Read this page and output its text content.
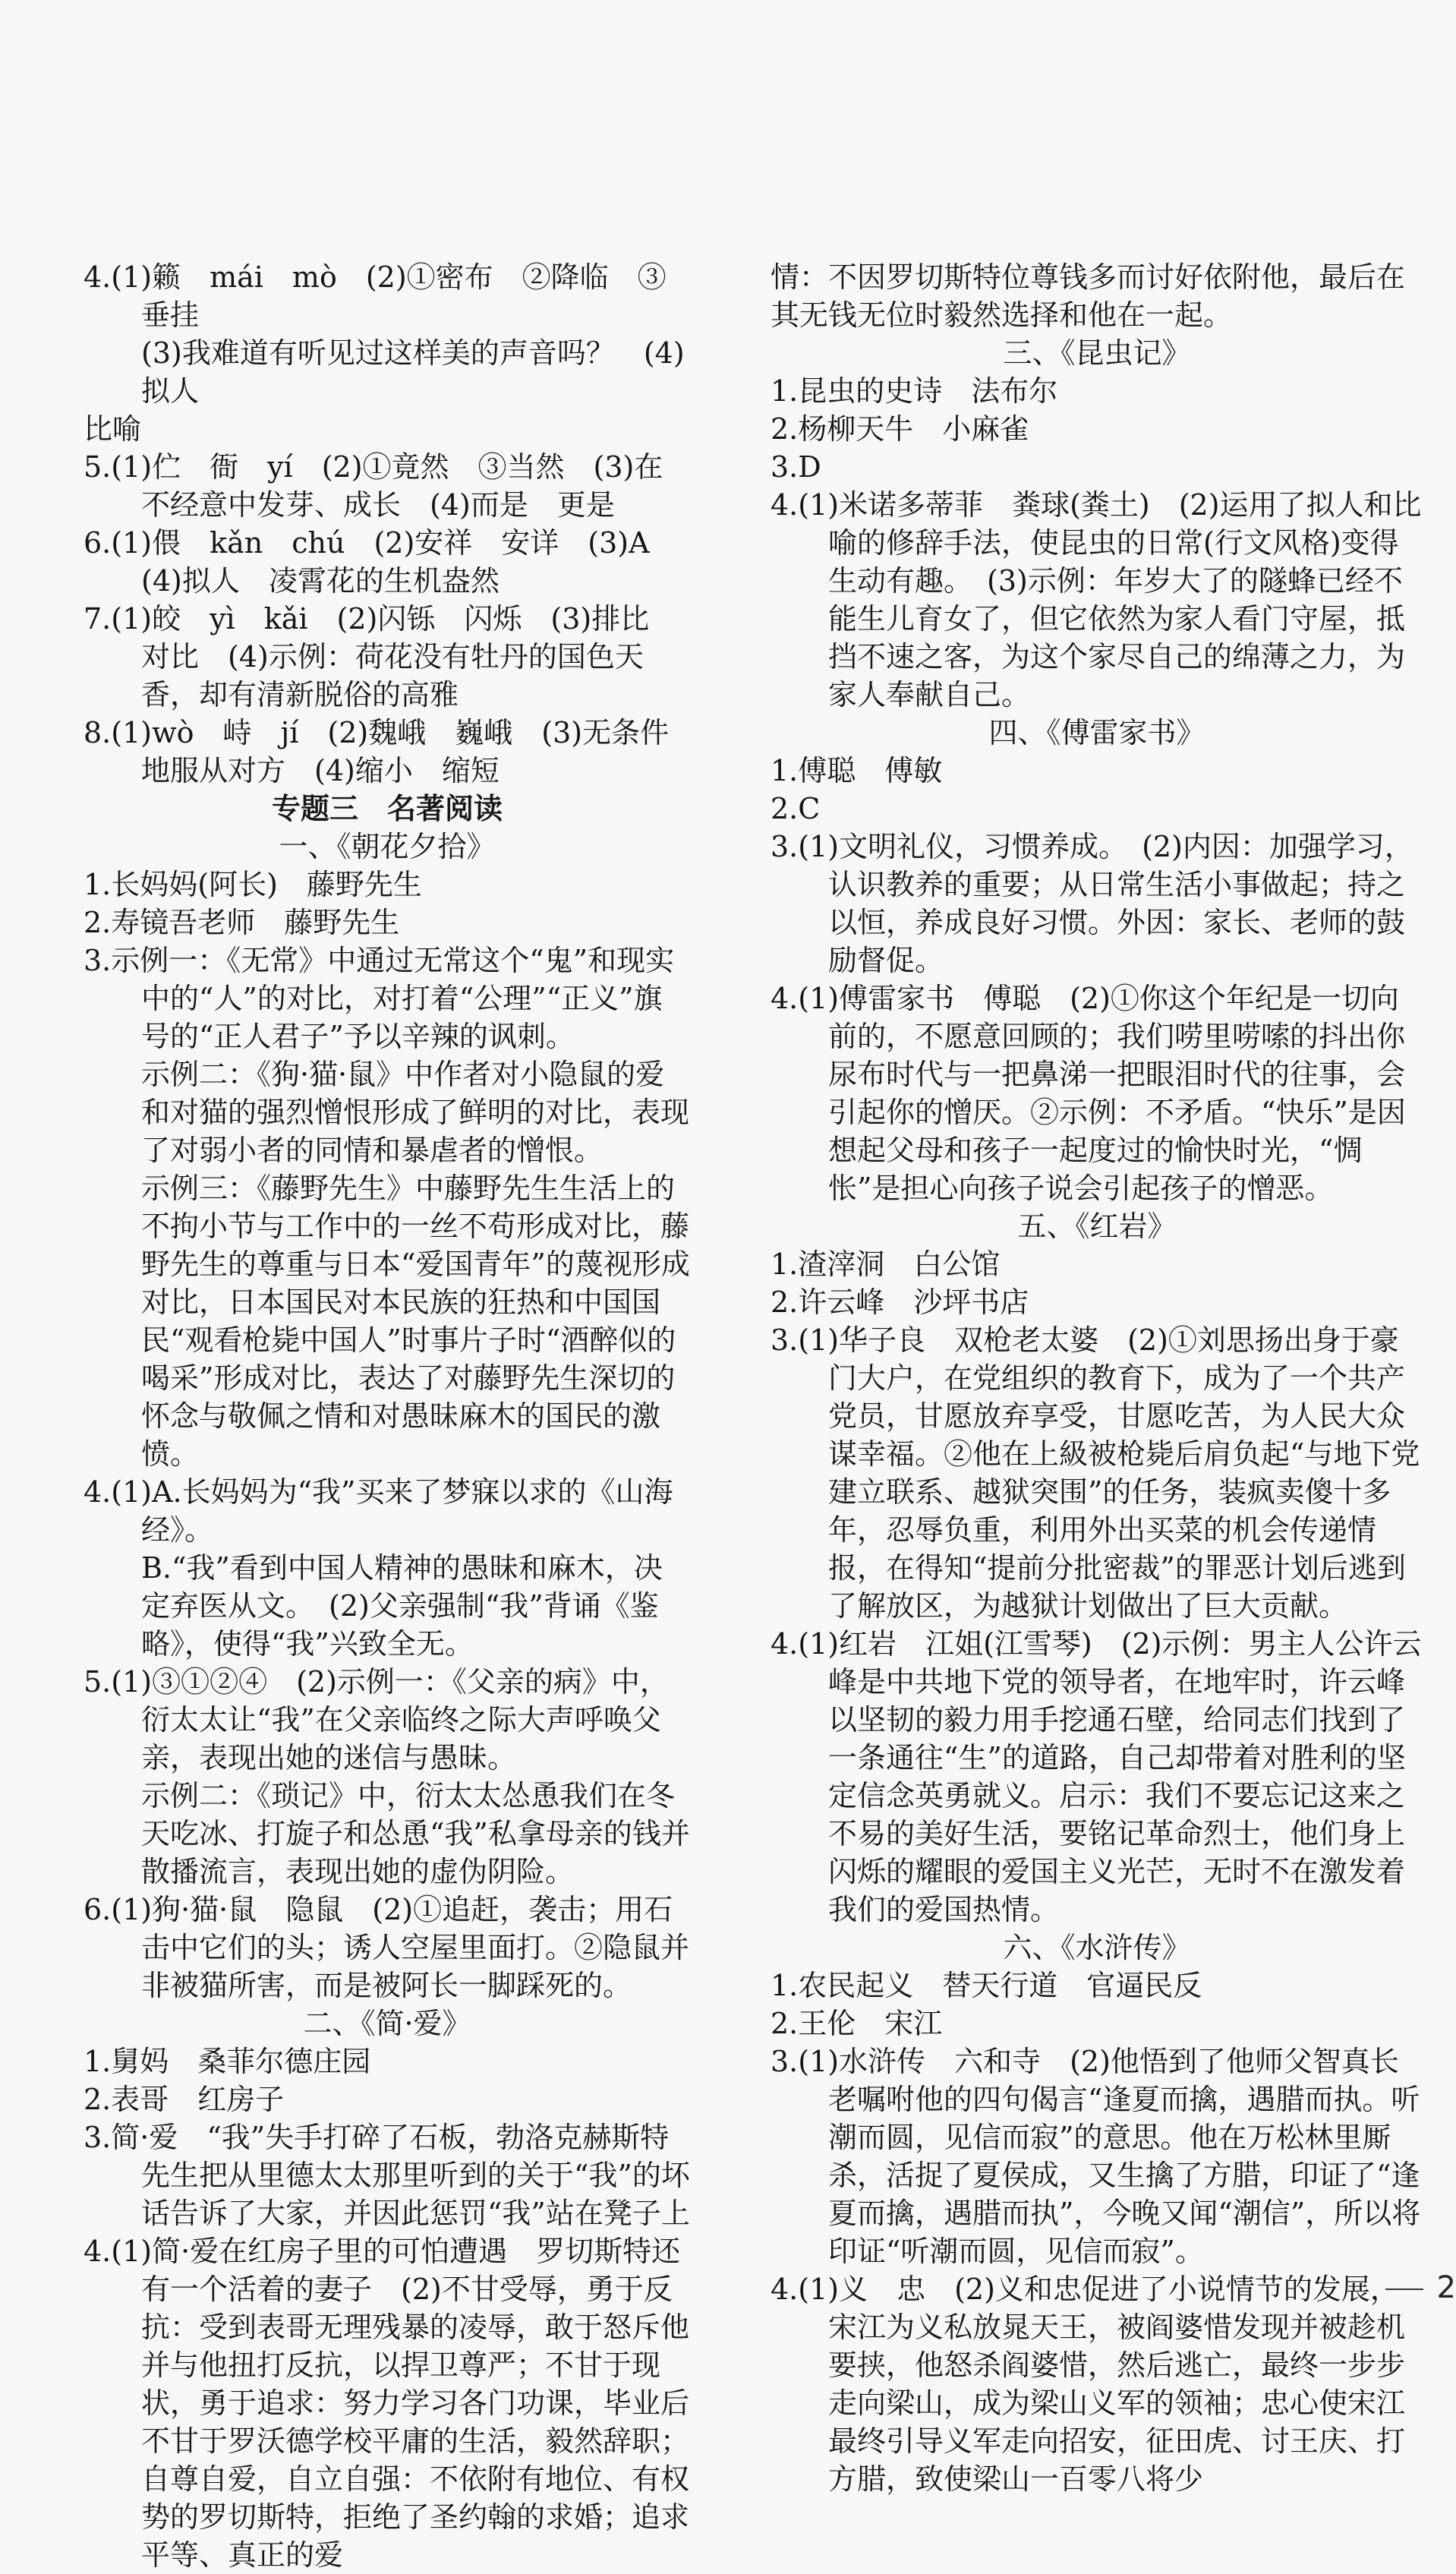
4.(1)籁　mái　mò　(2)①密布　②降临　③垂挂

(3)我难道有听见过这样美的声音吗？　(4)拟人

比喻

5.(1)伫　衙　yí　(2)①竟然　③当然　(3)在不经意中发芽、成长　(4)而是　更是

6.(1)偎　kǎn　chú　(2)安祥　安详　(3)A　(4)拟人　凌霄花的生机盎然

7.(1)皎　yì　kǎi　(2)闪铄　闪烁　(3)排比　对比　(4)示例：荷花没有牡丹的国色天香，却有清新脱俗的高雅

8.(1)wò　峙　jí　(2)魏峨　巍峨　(3)无条件地服从对方　(4)缩小　缩短

专题三　名著阅读

一、《朝花夕拾》

1.长妈妈(阿长)　藤野先生

2.寿镜吾老师　藤野先生

3.示例一：《无常》中通过无常这个“鬼”和现实中的“人”的对比，对打着“公理”“正义”旗号的“正人君子”予以辛辣的讽刺。

示例二：《狗·猫·鼠》中作者对小隐鼠的爱和对猫的强烈憎恨形成了鲜明的对比，表现了对弱小者的同情和暴虐者的憎恨。

示例三：《藤野先生》中藤野先生生活上的不拘小节与工作中的一丝不苟形成对比，藤野先生的尊重与日本“爱国青年”的蔑视形成对比，日本国民对本民族的狂热和中国国民“观看枪毙中国人”时事片子时“酒醉似的喝采”形成对比，表达了对藤野先生深切的怀念与敬佩之情和对愚昧麻木的国民的激愤。

4.(1)A.长妈妈为“我”买来了梦寐以求的《山海经》。

B.“我”看到中国人精神的愚昧和麻木，决定弃医从文。　(2)父亲强制“我”背诵《鉴略》，使得“我”兴致全无。

5.(1)③①②④　(2)示例一：《父亲的病》中，衍太太让“我”在父亲临终之际大声呼唤父亲，表现出她的迷信与愚昧。

示例二：《琐记》中，衍太太怂恿我们在冬天吃冰、打旋子和怂恿“我”私拿母亲的钱并散播流言，表现出她的虚伪阴险。

6.(1)狗·猫·鼠　隐鼠　(2)①追赶，袭击；用石击中它们的头；诱人空屋里面打。②隐鼠并非被猫所害，而是被阿长一脚踩死的。

二、《简·爱》

1.舅妈　桑菲尔德庄园

2.表哥　红房子

3.简·爱　“我”失手打碎了石板，勃洛克赫斯特先生把从里德太太那里听到的关于“我”的坏话告诉了大家，并因此惩罚“我”站在凳子上

4.(1)简·爱在红房子里的可怕遭遇　罗切斯特还有一个活着的妻子　(2)不甘受辱，勇于反抗：受到表哥无理残暴的凌辱，敢于怒斥他并与他扭打反抗，以捍卫尊严；不甘于现状，勇于追求：努力学习各门功课，毕业后不甘于罗沃德学校平庸的生活，毅然辞职；自尊自爱，自立自强：不依附有地位、有权势的罗切斯特，拒绝了圣约翰的求婚；追求平等、真正的爱

情：不因罗切斯特位尊钱多而讨好依附他，最后在其无钱无位时毅然选择和他在一起。

三、《昆虫记》

1.昆虫的史诗　法布尔

2.杨柳天牛　小麻雀

3.D

4.(1)米诺多蒂菲　粪球(粪土)　(2)运用了拟人和比喻的修辞手法，使昆虫的日常(行文风格)变得生动有趣。　(3)示例：年岁大了的隧蜂已经不能生儿育女了，但它依然为家人看门守屋，抵挡不速之客，为这个家尽自己的绵薄之力，为家人奉献自己。

四、《傅雷家书》

1.傅聪　傅敏

2.C

3.(1)文明礼仪，习惯养成。　(2)内因：加强学习，认识教养的重要；从日常生活小事做起；持之以恒，养成良好习惯。外因：家长、老师的鼓励督促。

4.(1)傅雷家书　傅聪　(2)①你这个年纪是一切向前的，不愿意回顾的；我们唠里唠嗦的抖出你尿布时代与一把鼻涕一把眼泪时代的往事，会引起你的憎厌。②示例：不矛盾。“快乐”是因想起父母和孩子一起度过的愉快时光，“惆怅”是担心向孩子说会引起孩子的憎恶。

五、《红岩》

1.渣滓洞　白公馆

2.许云峰　沙坪书店

3.(1)华子良　双枪老太婆　(2)①刘思扬出身于豪门大户，在党组织的教育下，成为了一个共产党员，甘愿放弃享受，甘愿吃苦，为人民大众谋幸福。②他在上級被枪毙后肩负起“与地下党建立联系、越狱突围”的任务，装疯卖傻十多年，忍辱负重，利用外出买菜的机会传递情报，在得知“提前分批密裁”的罪恶计划后逃到了解放区，为越狱计划做出了巨大贡献。

4.(1)红岩　江姐(江雪琴)　(2)示例：男主人公许云峰是中共地下党的领导者，在地牢时，许云峰以坚韧的毅力用手挖通石壁，给同志们找到了一条通往“生”的道路，自己却带着对胜利的坚定信念英勇就义。启示：我们不要忘记这来之不易的美好生活，要铭记革命烈士，他们身上闪烁的耀眼的爱国主义光芒，无时不在激发着我们的爱国热情。

六、《水浒传》

1.农民起义　替天行道　官逼民反

2.王伦　宋江

3.(1)水浒传　六和寺　(2)他悟到了他师父智真长老嘱咐他的四句偈言“逢夏而擒，遇腊而执。听潮而圆，见信而寂”的意思。他在万松林里厮杀，活捉了夏侯成，又生擒了方腊，印证了“逢夏而擒，遇腊而执”，今晚又闻“潮信”，所以将印证“听潮而圆，见信而寂”。

4.(1)义　忠　(2)义和忠促进了小说情节的发展，宋江为义私放晁天王，被阎婆惜发现并被趁机要挟，他怒杀阎婆惜，然后逃亡，最终一步步走向梁山，成为梁山义军的领袖；忠心使宋江最终引导义军走向招安，征田虎、讨王庆、打方腊，致使梁山一百零八将少

2
